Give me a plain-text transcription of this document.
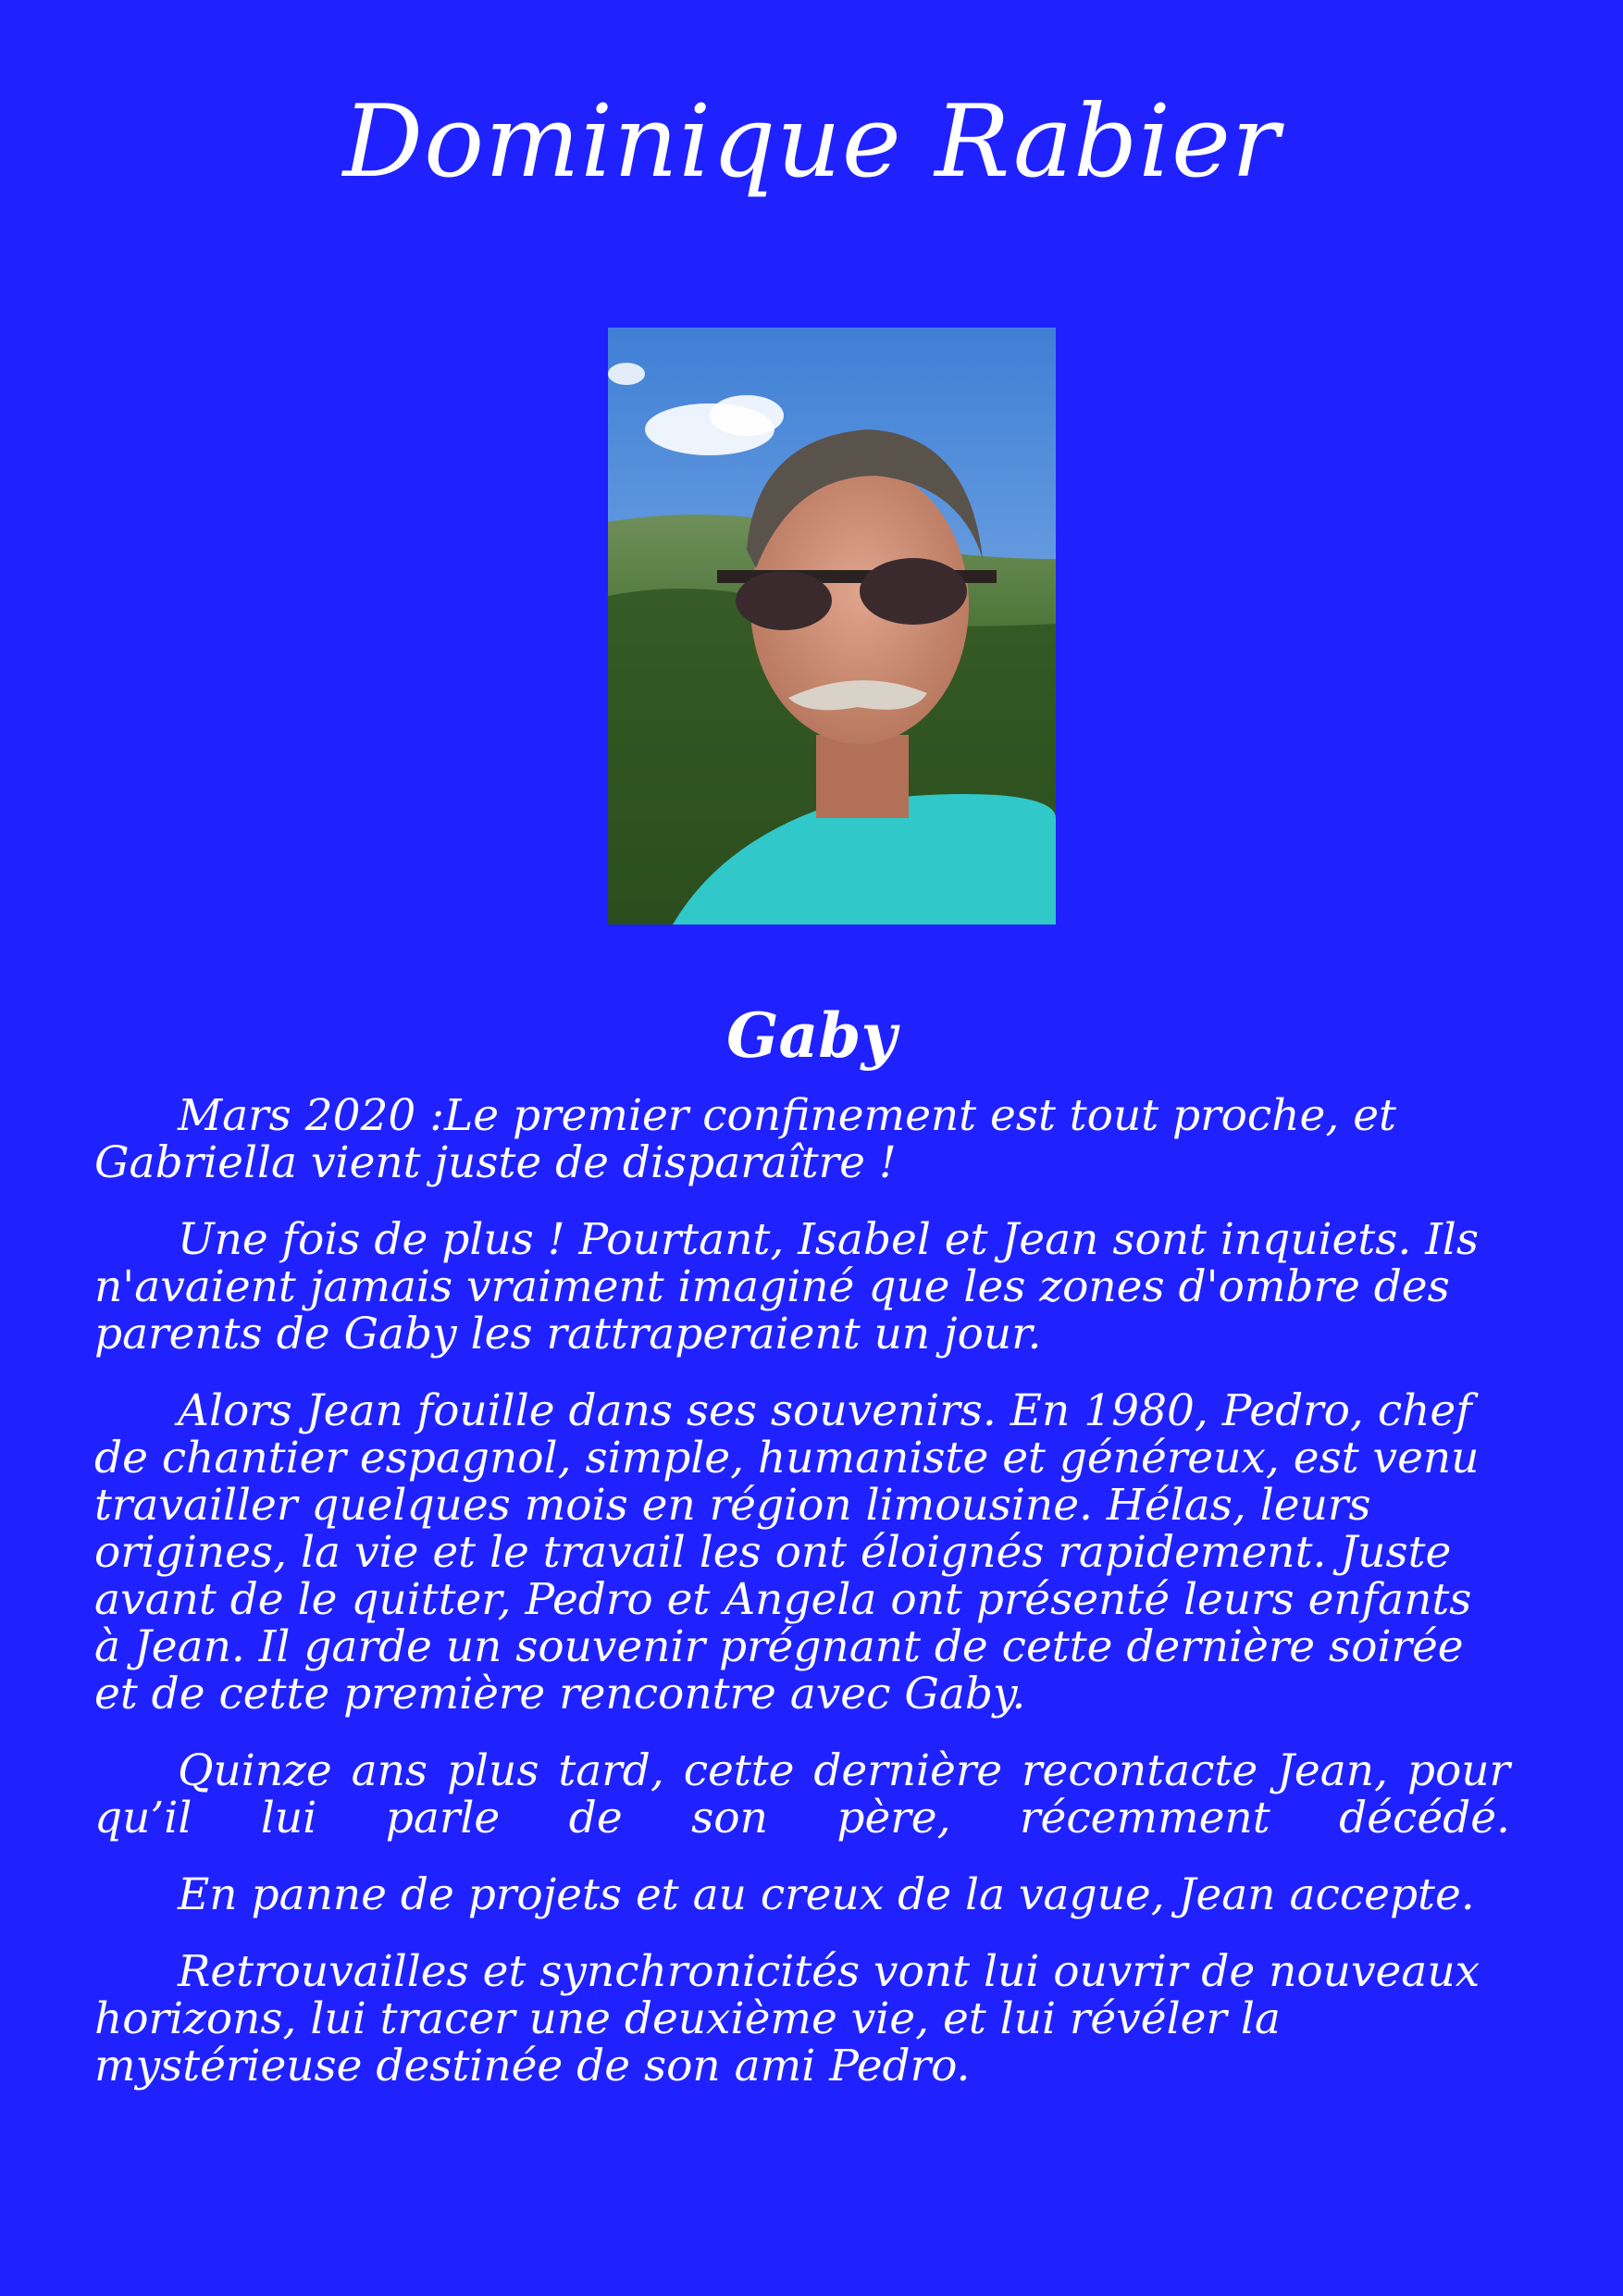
Dominique Rabier
Gaby

Mars 2020 :Le premier confinement est tout proche, et Gabriella vient juste de disparaître !

Une fois de plus ! Pourtant, Isabel et Jean sont inquiets. Ils n'avaient jamais vraiment imaginé que les zones d'ombre des parents de Gaby les rattraperaient un jour.

Alors Jean fouille dans ses souvenirs. En 1980, Pedro, chef de chantier espagnol, simple, humaniste et généreux, est venu travailler quelques mois en région limousine. Hélas, leurs origines, la vie et le travail les ont éloignés rapidement. Juste avant de le quitter, Pedro et Angela ont présenté leurs enfants à Jean. Il garde un souvenir prégnant de cette dernière soirée et de cette première rencontre avec Gaby.

Quinze ans plus tard, cette dernière recontacte Jean, pour qu’il lui parle de son père, récemment décédé.

En panne de projets et au creux de la vague, Jean accepte.

Retrouvailles et synchronicités vont lui ouvrir de nouveaux horizons, lui tracer une deuxième vie, et lui révéler la mystérieuse destinée de son ami Pedro.
